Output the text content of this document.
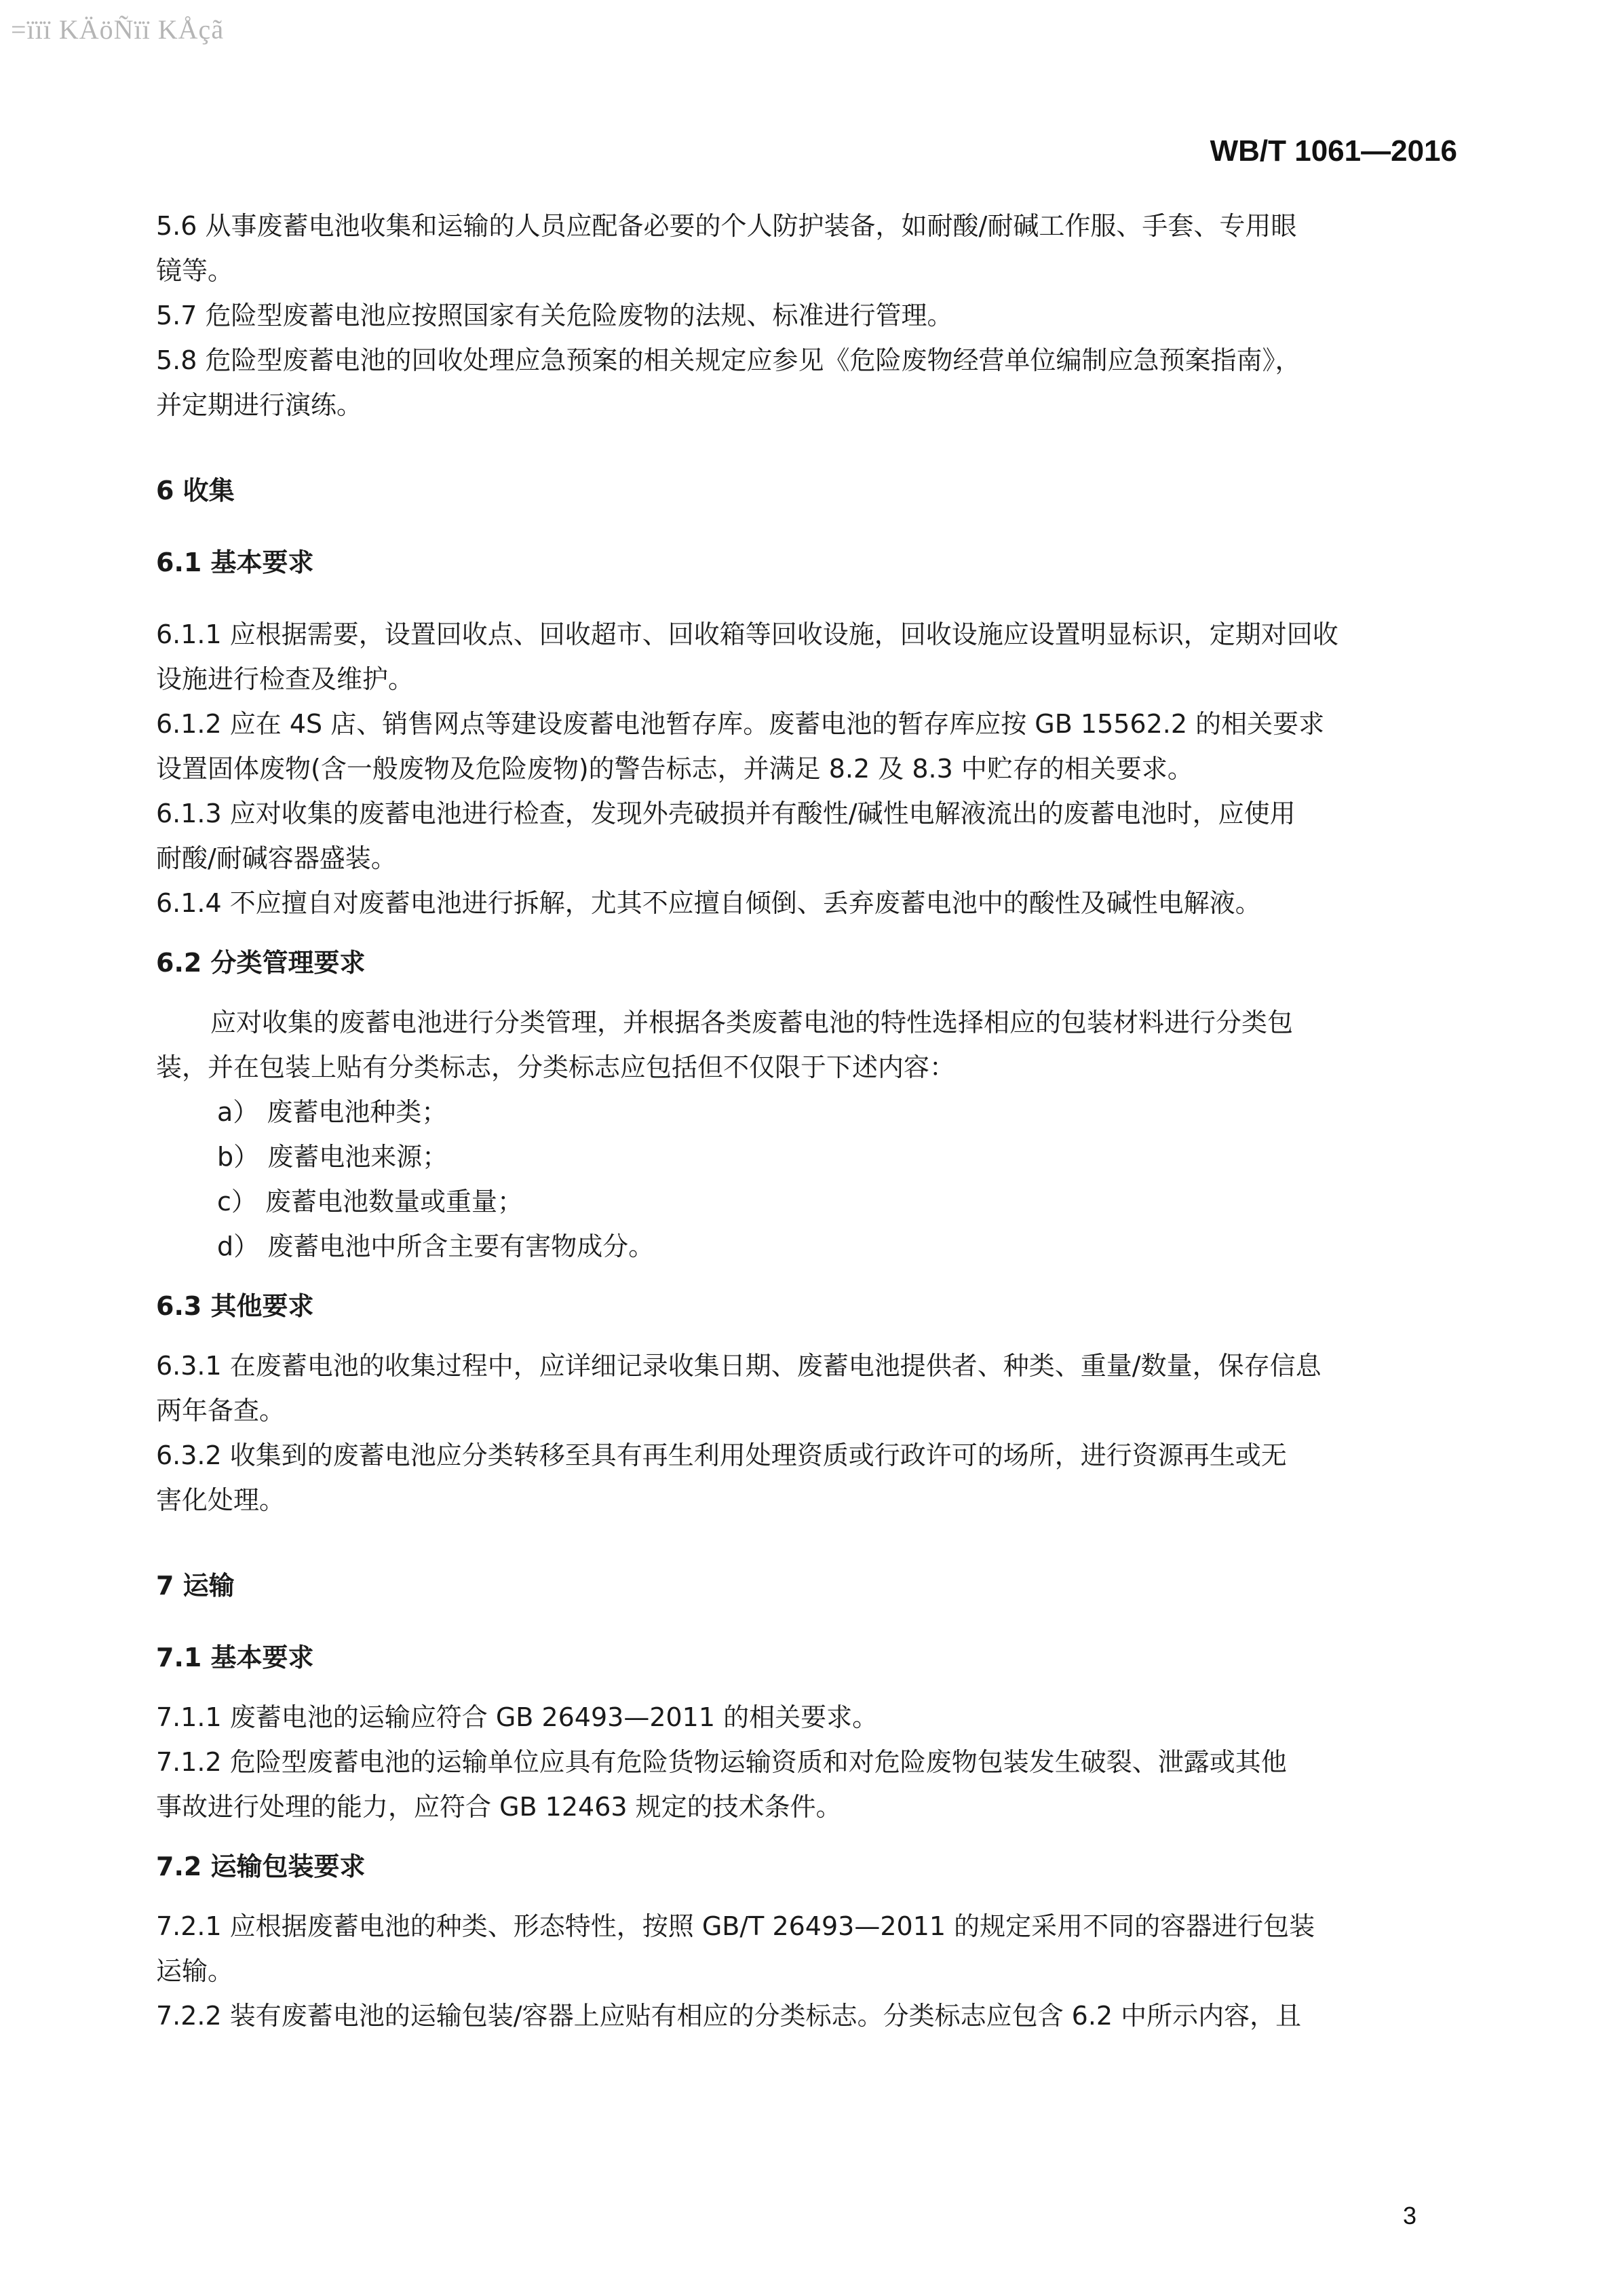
=ïïï KÄöÑïï KÅçã
WB/T 1061—2016
5.6 从事废蓄电池收集和运输的人员应配备必要的个人防护装备，如耐酸/耐碱工作服、手套、专用眼
镜等。
5.7 危险型废蓄电池应按照国家有关危险废物的法规、标准进行管理。
5.8 危险型废蓄电池的回收处理应急预案的相关规定应参见《危险废物经营单位编制应急预案指南》，
并定期进行演练。
6 收集
6.1 基本要求
6.1.1 应根据需要，设置回收点、回收超市、回收箱等回收设施，回收设施应设置明显标识，定期对回收
设施进行检查及维护。
6.1.2 应在 4S 店、销售网点等建设废蓄电池暂存库。废蓄电池的暂存库应按 GB 15562.2 的相关要求
设置固体废物(含一般废物及危险废物)的警告标志，并满足 8.2 及 8.3 中贮存的相关要求。
6.1.3 应对收集的废蓄电池进行检查，发现外壳破损并有酸性/碱性电解液流出的废蓄电池时，应使用
耐酸/耐碱容器盛装。
6.1.4 不应擅自对废蓄电池进行拆解，尤其不应擅自倾倒、丢弃废蓄电池中的酸性及碱性电解液。
6.2 分类管理要求
应对收集的废蓄电池进行分类管理，并根据各类废蓄电池的特性选择相应的包装材料进行分类包
装，并在包装上贴有分类标志，分类标志应包括但不仅限于下述内容：
a） 废蓄电池种类；
b） 废蓄电池来源；
c） 废蓄电池数量或重量；
d） 废蓄电池中所含主要有害物成分。
6.3 其他要求
6.3.1 在废蓄电池的收集过程中，应详细记录收集日期、废蓄电池提供者、种类、重量/数量，保存信息
两年备查。
6.3.2 收集到的废蓄电池应分类转移至具有再生利用处理资质或行政许可的场所，进行资源再生或无
害化处理。
7 运输
7.1 基本要求
7.1.1 废蓄电池的运输应符合 GB 26493—2011 的相关要求。
7.1.2 危险型废蓄电池的运输单位应具有危险货物运输资质和对危险废物包装发生破裂、泄露或其他
事故进行处理的能力，应符合 GB 12463 规定的技术条件。
7.2 运输包装要求
7.2.1 应根据废蓄电池的种类、形态特性，按照 GB/T 26493—2011 的规定采用不同的容器进行包装
运输。
7.2.2 装有废蓄电池的运输包装/容器上应贴有相应的分类标志。分类标志应包含 6.2 中所示内容，且
3
